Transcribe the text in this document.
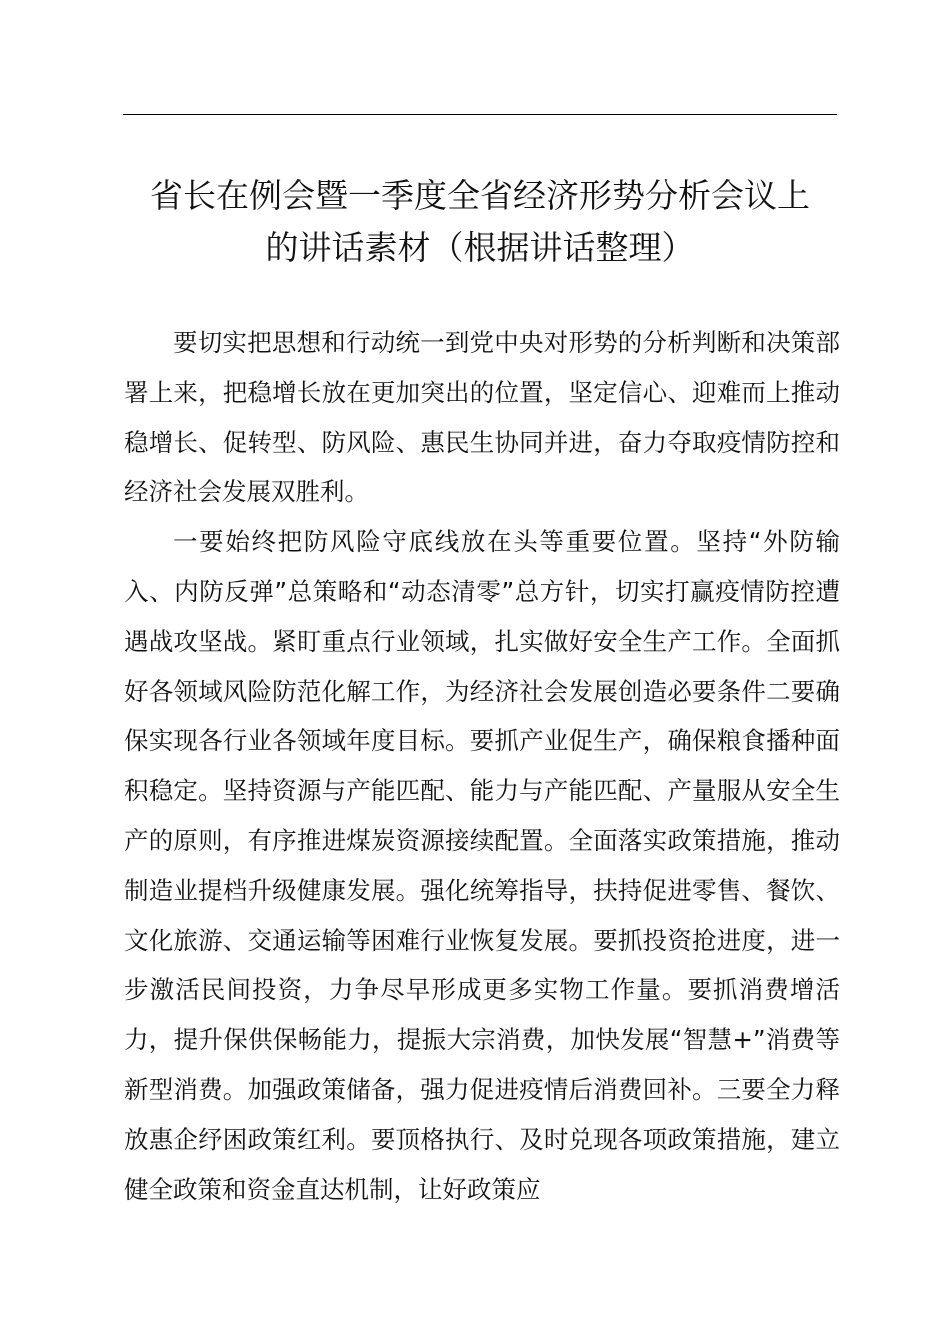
省长在例会暨一季度全省经济形势分析会议上
的讲话素材（根据讲话整理）

要切实把思想和行动统一到党中央对形势的分析判断和决策部署上来，把稳增长放在更加突出的位置，坚定信心、迎难而上推动稳增长、促转型、防风险、惠民生协同并进，奋力夺取疫情防控和经济社会发展双胜利。

一要始终把防风险守底线放在头等重要位置。坚持“外防输入、内防反弹”总策略和“动态清零”总方针，切实打赢疫情防控遭遇战攻坚战。紧盯重点行业领域，扎实做好安全生产工作。全面抓好各领域风险防范化解工作，为经济社会发展创造必要条件二要确保实现各行业各领域年度目标。要抓产业促生产，确保粮食播种面积稳定。坚持资源与产能匹配、能力与产能匹配、产量服从安全生产的原则，有序推进煤炭资源接续配置。全面落实政策措施，推动制造业提档升级健康发展。强化统筹指导，扶持促进零售、餐饮、文化旅游、交通运输等困难行业恢复发展。要抓投资抢进度，进一步激活民间投资，力争尽早形成更多实物工作量。要抓消费增活力，提升保供保畅能力，提振大宗消费，加快发展“智慧+”消费等新型消费。加强政策储备，强力促进疫情后消费回补。三要全力释放惠企纾困政策红利。要顶格执行、及时兑现各项政策措施，建立健全政策和资金直达机制，让好政策应
